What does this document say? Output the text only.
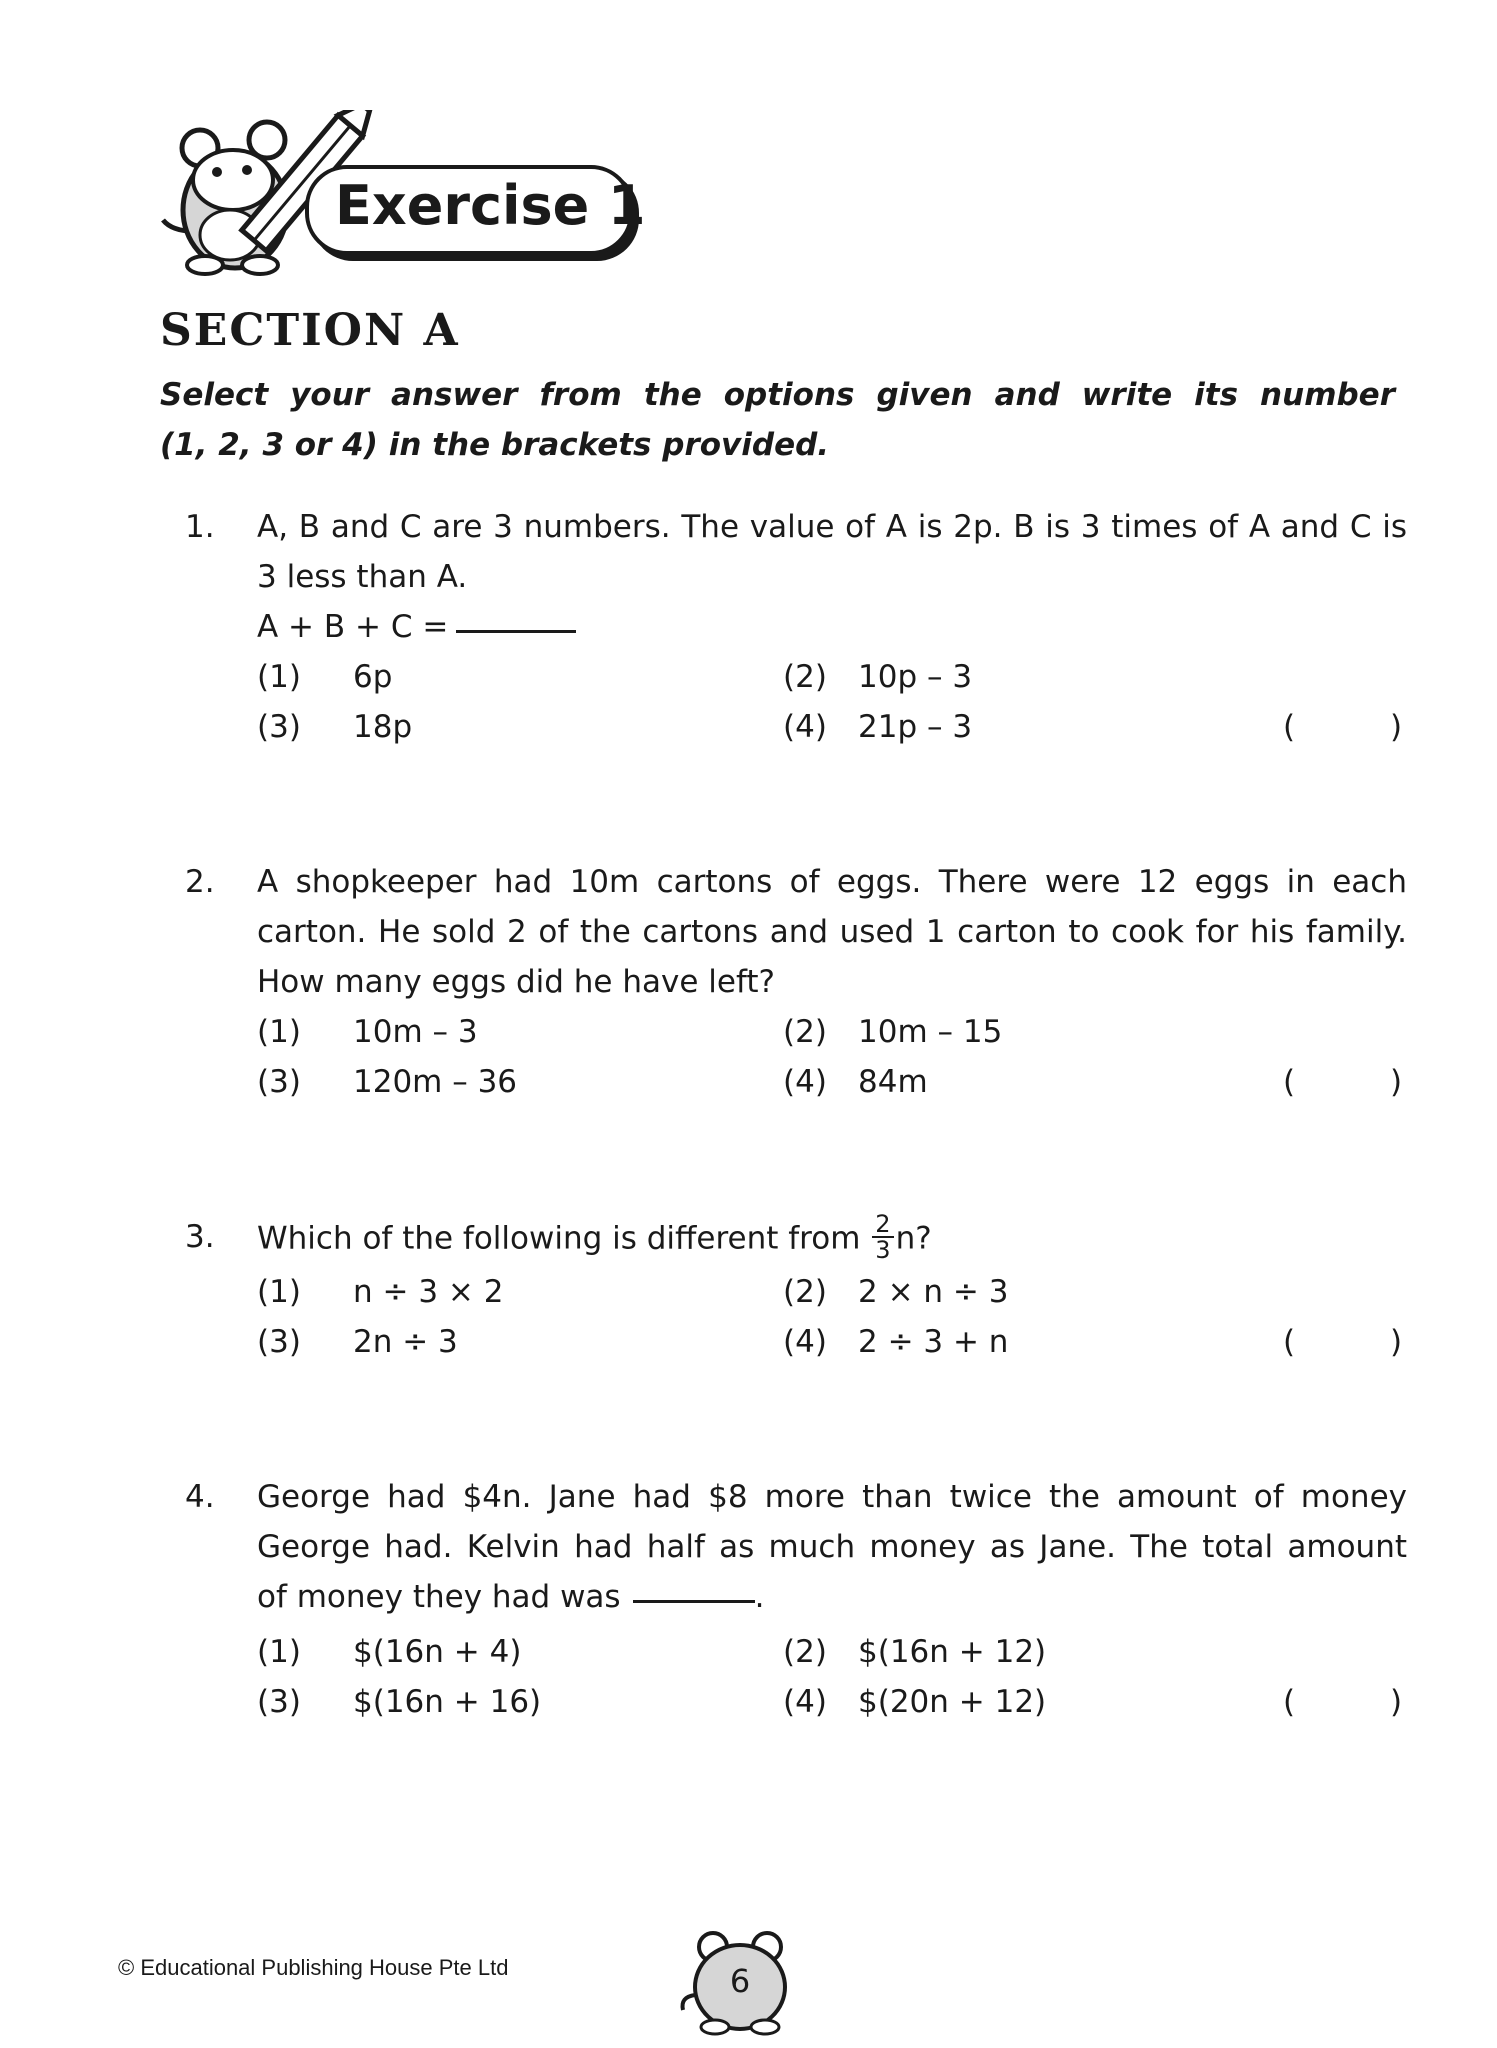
Exercise 1
SECTION A
Select your answer from the options given and write its number
(1, 2, 3 or 4) in the brackets provided.
1. A, B and C are 3 numbers. The value of A is 2p. B is 3 times of A and C is
3 less than A.
A + B + C =
(1) 6p	(2) 10p – 3
(3) 18p	(4) 21p – 3	(	)
2. A shopkeeper had 10m cartons of eggs. There were 12 eggs in each
carton. He sold 2 of the cartons and used 1 carton to cook for his family.
How many eggs did he have left?
(1) 10m – 3	(2) 10m – 15
(3) 120m – 36	(4) 84m	(	)
3. Which of the following is different from $\frac{2}{3} n$?
(1) n ÷ 3 × 2	(2) 2 × n ÷ 3
(3) 2n ÷ 3	(4) 2 ÷ 3 + n	(	)
4. George had $4n. Jane had $8 more than twice the amount of money
George had. Kelvin had half as much money as Jane. The total amount
of money they had was	.
(1) $(16n + 4)	(2) $(16n + 12)
(3) $(16n + 16)	(4) $(20n + 12)	(	)
© Educational Publishing House Pte Ltd	6
